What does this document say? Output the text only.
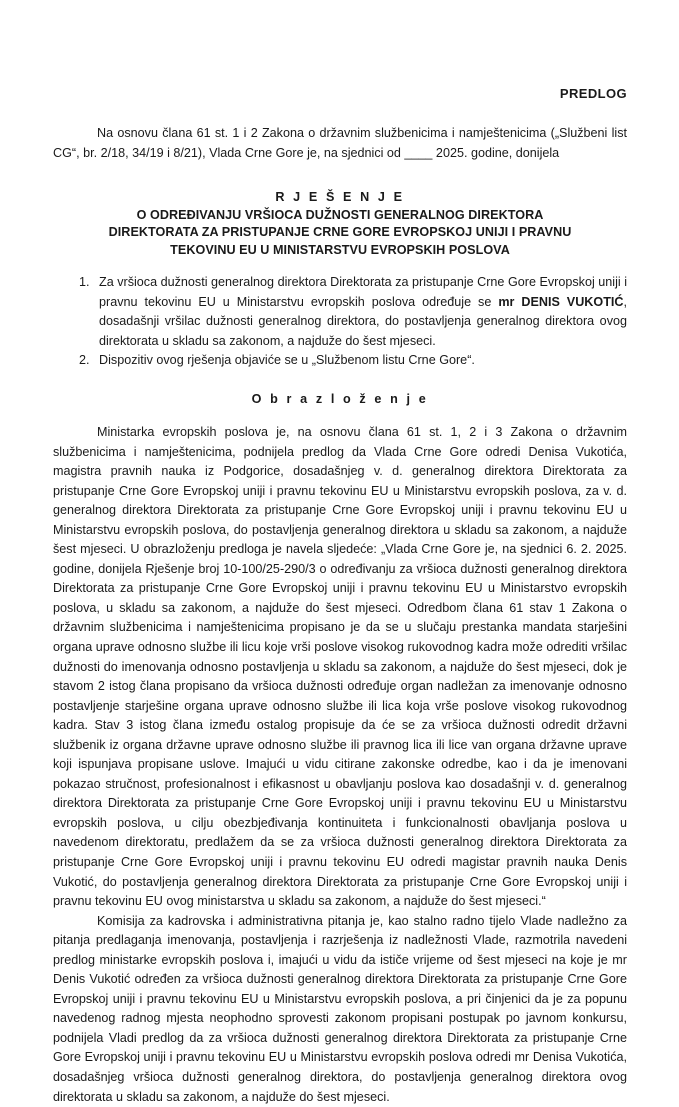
PREDLOG

Na osnovu člana 61 st. 1 i 2 Zakona o državnim službenicima i namještenicima („Službeni list CG“, br. 2/18, 34/19 i 8/21), Vlada Crne Gore je, na sjednici od ____ 2025. godine, donijela

R J E Š E N J E
O ODREĐIVANJU VRŠIOCA DUŽNOSTI GENERALNOG DIREKTORA
DIREKTORATA ZA PRISTUPANJE CRNE GORE EVROPSKOJ UNIJI I PRAVNU
TEKOVINU EU U MINISTARSTVU EVROPSKIH POSLOVA
1. Za vršioca dužnosti generalnog direktora Direktorata za pristupanje Crne Gore Evropskoj uniji i pravnu tekovinu EU u Ministarstvu evropskih poslova određuje se mr DENIS VUKOTIĆ, dosadašnji vršilac dužnosti generalnog direktora, do postavljenja generalnog direktora ovog direktorata u skladu sa zakonom, a najduže do šest mjeseci.
2. Dispozitiv ovog rješenja objaviće se u „Službenom listu Crne Gore“.
O b r a z l o ž e n j e

Ministarka evropskih poslova je, na osnovu člana 61 st. 1, 2 i 3 Zakona o državnim službenicima i namještenicima, podnijela predlog da Vlada Crne Gore odredi Denisa Vukotića, magistra pravnih nauka iz Podgorice, dosadašnjeg v. d. generalnog direktora Direktorata za pristupanje Crne Gore Evropskoj uniji i pravnu tekovinu EU u Ministarstvu evropskih poslova, za v. d. generalnog direktora Direktorata za pristupanje Crne Gore Evropskoj uniji i pravnu tekovinu EU u Ministarstvu evropskih poslova, do postavljenja generalnog direktora u skladu sa zakonom, a najduže šest mjeseci. U obrazloženju predloga je navela sljedeće: „Vlada Crne Gore je, na sjednici 6. 2. 2025. godine, donijela Rješenje broj 10-100/25-290/3 o određivanju za vršioca dužnosti generalnog direktora Direktorata za pristupanje Crne Gore Evropskoj uniji i pravnu tekovinu EU u Ministarstvo evropskih poslova, u skladu sa zakonom, a najduže do šest mjeseci. Odredbom člana 61 stav 1 Zakona o državnim službenicima i namještenicima propisano je da se u slučaju prestanka mandata starješini organa uprave odnosno službe ili licu koje vrši poslove visokog rukovodnog kadra može odrediti vršilac dužnosti do imenovanja odnosno postavljenja u skladu sa zakonom, a najduže do šest mjeseci, dok je stavom 2 istog člana propisano da vršioca dužnosti određuje organ nadležan za imenovanje odnosno postavljenje starješine organa uprave odnosno službe ili lica koja vrše poslove visokog rukovodnog kadra. Stav 3 istog člana između ostalog propisuje da će se za vršioca dužnosti odredit državni službenik iz organa državne uprave odnosno službe ili pravnog lica ili lice van organa državne uprave koji ispunjava propisane uslove. Imajući u vidu citirane zakonske odredbe, kao i da je imenovani pokazao stručnost, profesionalnost i efikasnost u obavljanju poslova kao dosadašnji v. d. generalnog direktora Direktorata za pristupanje Crne Gore Evropskoj uniji i pravnu tekovinu EU u Ministarstvu evropskih poslova, u cilju obezbjeđivanja kontinuiteta i funkcionalnosti obavljanja poslova u navedenom direktoratu, predlažem da se za vršioca dužnosti generalnog direktora Direktorata za pristupanje Crne Gore Evropskoj uniji i pravnu tekovinu EU odredi magistar pravnih nauka Denis Vukotić, do postavljenja generalnog direktora Direktorata za pristupanje Crne Gore Evropskoj uniji i pravnu tekovinu EU ovog ministarstva u skladu sa zakonom, a najduže do šest mjeseci.“

Komisija za kadrovska i administrativna pitanja je, kao stalno radno tijelo Vlade nadležno za pitanja predlaganja imenovanja, postavljenja i razrješenja iz nadležnosti Vlade, razmotrila navedeni predlog ministarke evropskih poslova i, imajući u vidu da ističe vrijeme od šest mjeseci na koje je mr Denis Vukotić određen za vršioca dužnosti generalnog direktora Direktorata za pristupanje Crne Gore Evropskoj uniji i pravnu tekovinu EU u Ministarstvu evropskih poslova, a pri činjenici da je za popunu navedenog radnog mjesta neophodno sprovesti zakonom propisani postupak po javnom konkursu, podnijela Vladi predlog da za vršioca dužnosti generalnog direktora Direktorata za pristupanje Crne Gore Evropskoj uniji i pravnu tekovinu EU u Ministarstvu evropskih poslova odredi mr Denisa Vukotića, dosadašnjeg vršioca dužnosti generalnog direktora, do postavljenja generalnog direktora ovog direktorata u skladu sa zakonom, a najduže do šest mjeseci.
